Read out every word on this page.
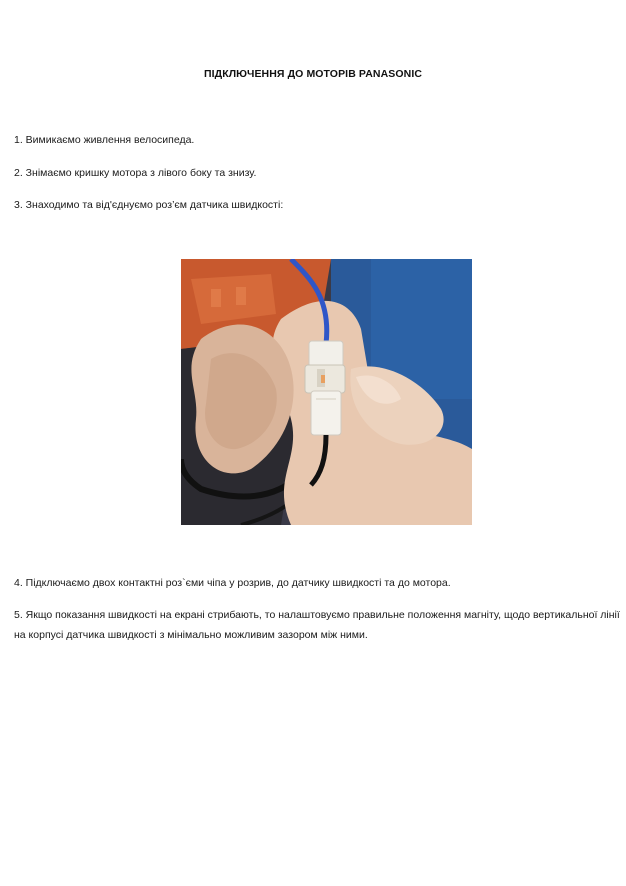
ПІДКЛЮЧЕННЯ ДО МОТОРІВ PANASONIC
1. Вимикаємо живлення велосипеда.
2. Знімаємо кришку мотора з лівого боку та знизу.
3. Знаходимо та від'єднуємо роз’єм датчика швидкості:
4. Підключаємо двох контактні роз`єми чіпа у розрив, до датчику швидкості та до мотора.
5. Якщо показання швидкості на екрані стрибають, то налаштовуємо правильне положення магніту, щодо вертикальної лінії на корпусі датчика швидкості з мінімально можливим зазором між ними.
